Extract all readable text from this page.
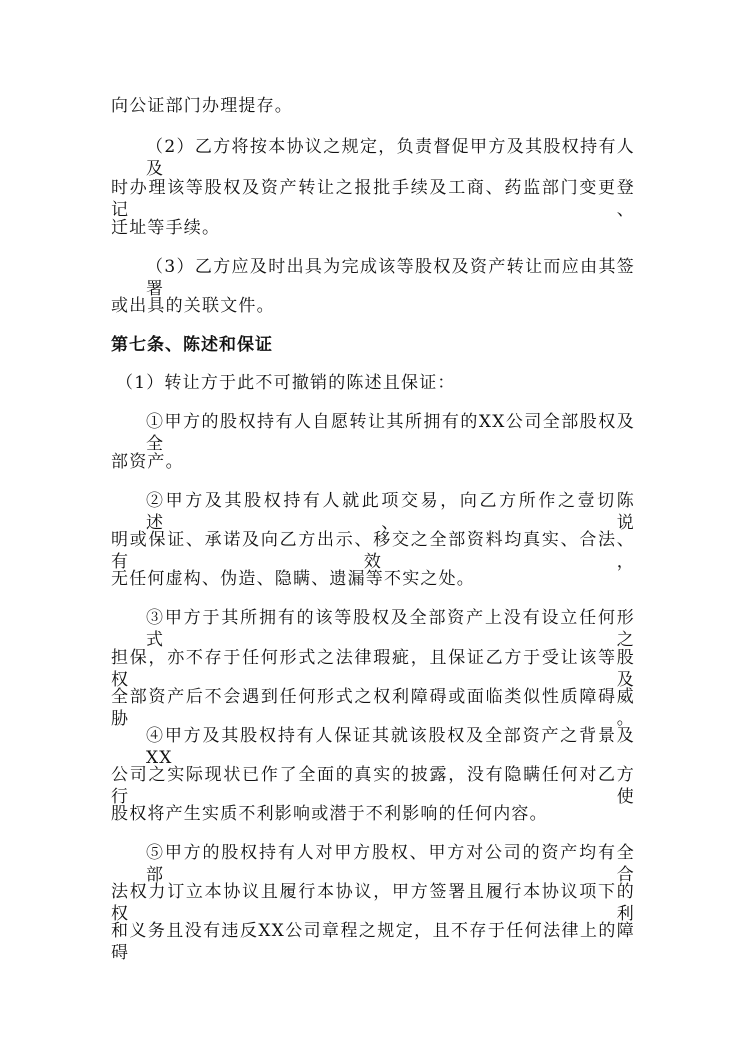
向公证部门办理提存。
（2）乙方将按本协议之规定，负责督促甲方及其股权持有人及
时办理该等股权及资产转让之报批手续及工商、药监部门变更登记、
迁址等手续。
（3）乙方应及时出具为完成该等股权及资产转让而应由其签署
或出具的关联文件。
第七条、陈述和保证
（1）转让方于此不可撤销的陈述且保证：
①甲方的股权持有人自愿转让其所拥有的XX公司全部股权及全
部资产。
②甲方及其股权持有人就此项交易，向乙方所作之壹切陈述、说
明或保证、承诺及向乙方出示、移交之全部资料均真实、合法、有效，
无任何虚构、伪造、隐瞒、遗漏等不实之处。
③甲方于其所拥有的该等股权及全部资产上没有设立任何形式之
担保，亦不存于任何形式之法律瑕疵，且保证乙方于受让该等股权及
全部资产后不会遇到任何形式之权利障碍或面临类似性质障碍威胁。
④甲方及其股权持有人保证其就该股权及全部资产之背景及XX
公司之实际现状已作了全面的真实的披露，没有隐瞒任何对乙方行使
股权将产生实质不利影响或潜于不利影响的任何内容。
⑤甲方的股权持有人对甲方股权、甲方对公司的资产均有全部合
法权力订立本协议且履行本协议，甲方签署且履行本协议项下的权利
和义务且没有违反XX公司章程之规定，且不存于任何法律上的障碍
